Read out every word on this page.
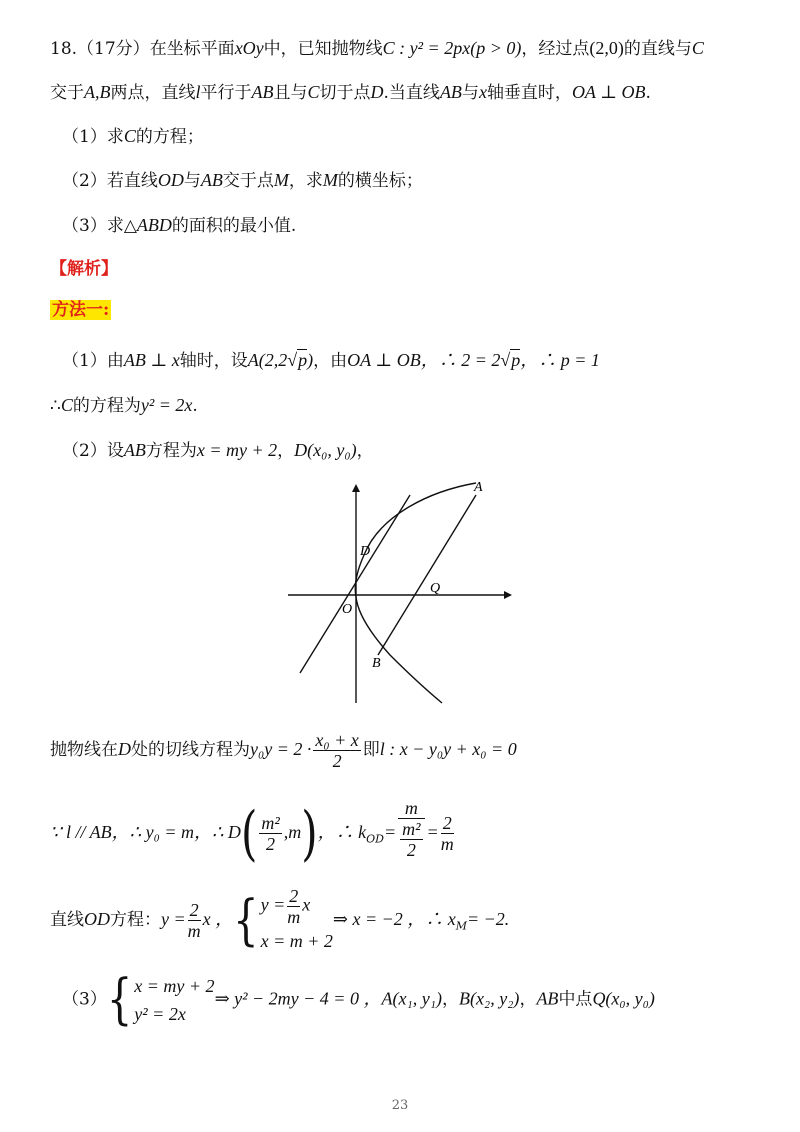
18.（17分）在坐标平面xOy中，已知抛物线C : y² = 2px(p > 0)，经过点(2,0)的直线与C
交于A,B两点，直线l平行于AB且与C切于点D.当直线AB与x轴垂直时，OA ⊥ OB.
（1）求C的方程；
（2）若直线OD与AB交于点M，求M的横坐标；
（3）求△ABD的面积的最小值.
【解析】
方法一:
（1）由AB ⊥ x轴时，设A(2,2√p)，由OA ⊥ OB，∴ 2 = 2√p，∴ p = 1
∴C的方程为y² = 2x.
（2）设AB方程为x = my + 2，D(x₀, y₀)，
A
D
O
Q
B
抛物线在D处的切线方程为$y_0y = 2 \cdot \frac{\text{x₀ + x}}{2}$ 即l : x − y₀y + x₀ = 0
∵ l // AB，∴ y₀ = m，∴ $D( \frac{\text{m²}}{2} ,m)$，∴ $k_{OD}= m$
m²
$2 = \frac{2}{m}$
直线OD方程：$y = \frac{2}{m}$ x ，{ $y = \frac{2}{m}$ x
x = m + 2
⇒ x = −2 ，∴ $x_M= -2$.
（3）{ x = my + 2
y² = 2x
⇒ y² − 2my − 4 = 0 ，A(x₁, y₁)，B(x₂, y₂)，AB中点Q(x₀, y₀)
23
